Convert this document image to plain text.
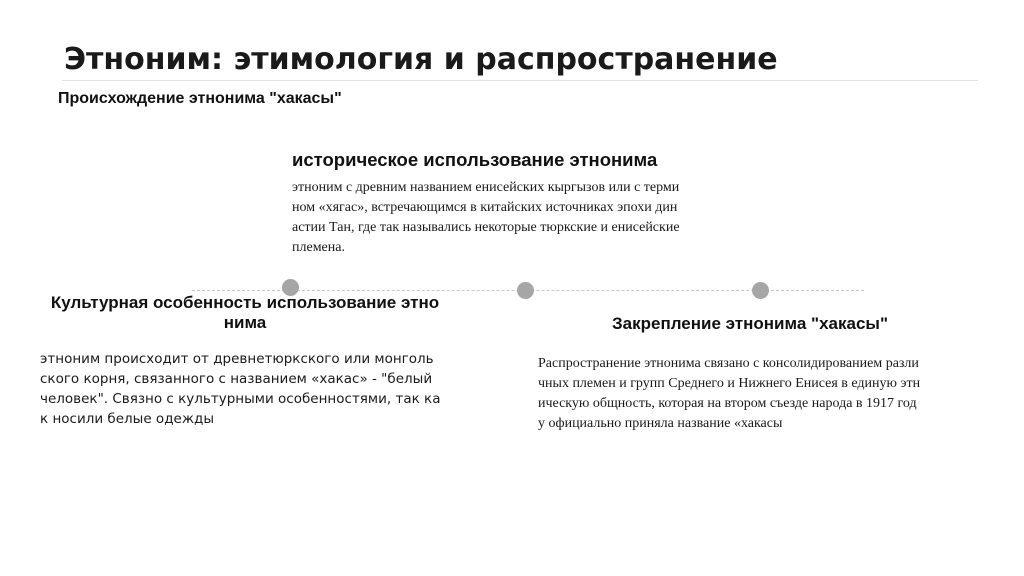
Этноним: этимология и распространение
Происхождение этнонима "хакасы"
историческое использование этнонима

этноним с древним названием енисейских кыргызов или с терми
ном «хягас», встречающимся в китайских источниках эпохи дин
астии Тан, где так назывались некоторые тюркские и енисейские
племена.

Культурная особенность использование этно
нима

этноним происходит от древнетюркского или монголь
ского корня, связанного с названием «хакас» - "белый
человек". Связно с культурными особенностями, так ка
к носили белые одежды

Закрепление этнонима "хакасы"

Распространение этнонима связано с консолидированием разли
чных племен и групп Среднего и Нижнего Енисея в единую этн
ическую общность, которая на втором съезде народа в 1917 год
у официально приняла название «хакасы
